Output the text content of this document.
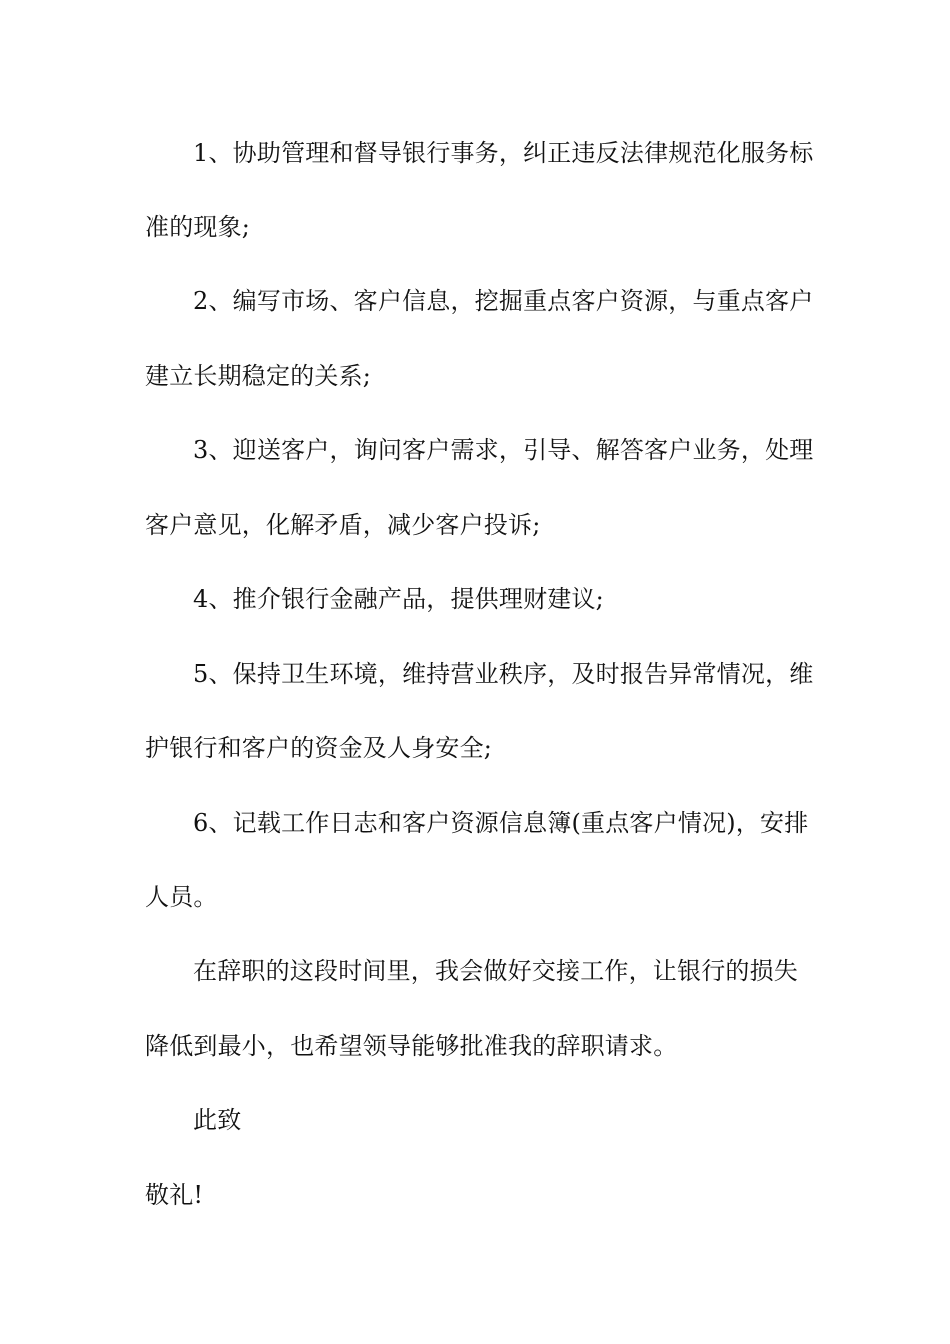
1、协助管理和督导银行事务，纠正违反法律规范化服务标
准的现象;
2、编写市场、客户信息，挖掘重点客户资源，与重点客户
建立长期稳定的关系;
3、迎送客户，询问客户需求，引导、解答客户业务，处理
客户意见，化解矛盾，减少客户投诉;
4、推介银行金融产品，提供理财建议;
5、保持卫生环境，维持营业秩序，及时报告异常情况，维
护银行和客户的资金及人身安全;
6、记载工作日志和客户资源信息簿(重点客户情况)，安排
人员。
在辞职的这段时间里，我会做好交接工作，让银行的损失
降低到最小，也希望领导能够批准我的辞职请求。
此致
敬礼!
